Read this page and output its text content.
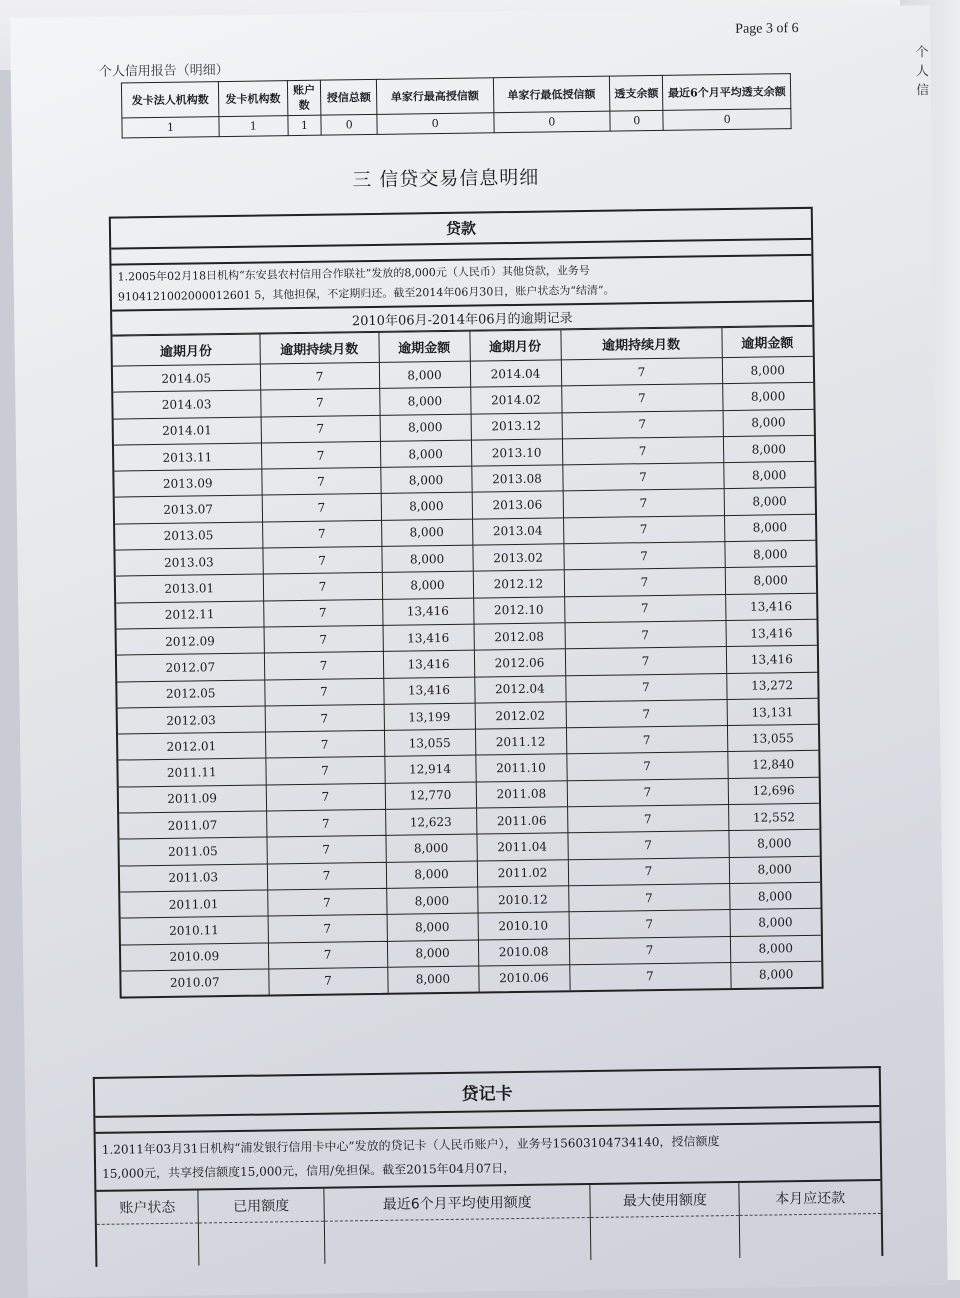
个人信用报告（明细）
Page 3 of 6
个人信
发卡法人机构数	发卡机构数	账户数	授信总额	单家行最高授信额	单家行最低授信额	透支余额	最近6个月平均透支余额
1	1	1	0	0	0	0	0
三 信贷交易信息明细
贷款
1.2005年02月18日机构“东安县农村信用合作联社”发放的8,000元（人民币）其他贷款，业务号
9104121002000012601 5，其他担保，不定期归还。截至2014年06月30日，账户状态为“结清”。
2010年06月-2014年06月的逾期记录
逾期月份	逾期持续月数	逾期金额	逾期月份	逾期持续月数	逾期金额
2014.05	7	8,000	2014.04	7	8,000
2014.03	7	8,000	2014.02	7	8,000
2014.01	7	8,000	2013.12	7	8,000
2013.11	7	8,000	2013.10	7	8,000
2013.09	7	8,000	2013.08	7	8,000
2013.07	7	8,000	2013.06	7	8,000
2013.05	7	8,000	2013.04	7	8,000
2013.03	7	8,000	2013.02	7	8,000
2013.01	7	8,000	2012.12	7	8,000
2012.11	7	13,416	2012.10	7	13,416
2012.09	7	13,416	2012.08	7	13,416
2012.07	7	13,416	2012.06	7	13,416
2012.05	7	13,416	2012.04	7	13,272
2012.03	7	13,199	2012.02	7	13,131
2012.01	7	13,055	2011.12	7	13,055
2011.11	7	12,914	2011.10	7	12,840
2011.09	7	12,770	2011.08	7	12,696
2011.07	7	12,623	2011.06	7	12,552
2011.05	7	8,000	2011.04	7	8,000
2011.03	7	8,000	2011.02	7	8,000
2011.01	7	8,000	2010.12	7	8,000
2010.11	7	8,000	2010.10	7	8,000
2010.09	7	8,000	2010.08	7	8,000
2010.07	7	8,000	2010.06	7	8,000
贷记卡
1.2011年03月31日机构“浦发银行信用卡中心”发放的贷记卡（人民币账户），业务号15603104734140，授信额度
15,000元，共享授信额度15,000元，信用/免担保。截至2015年04月07日，
账户状态	已用额度	最近6个月平均使用额度	最大使用额度	本月应还款
